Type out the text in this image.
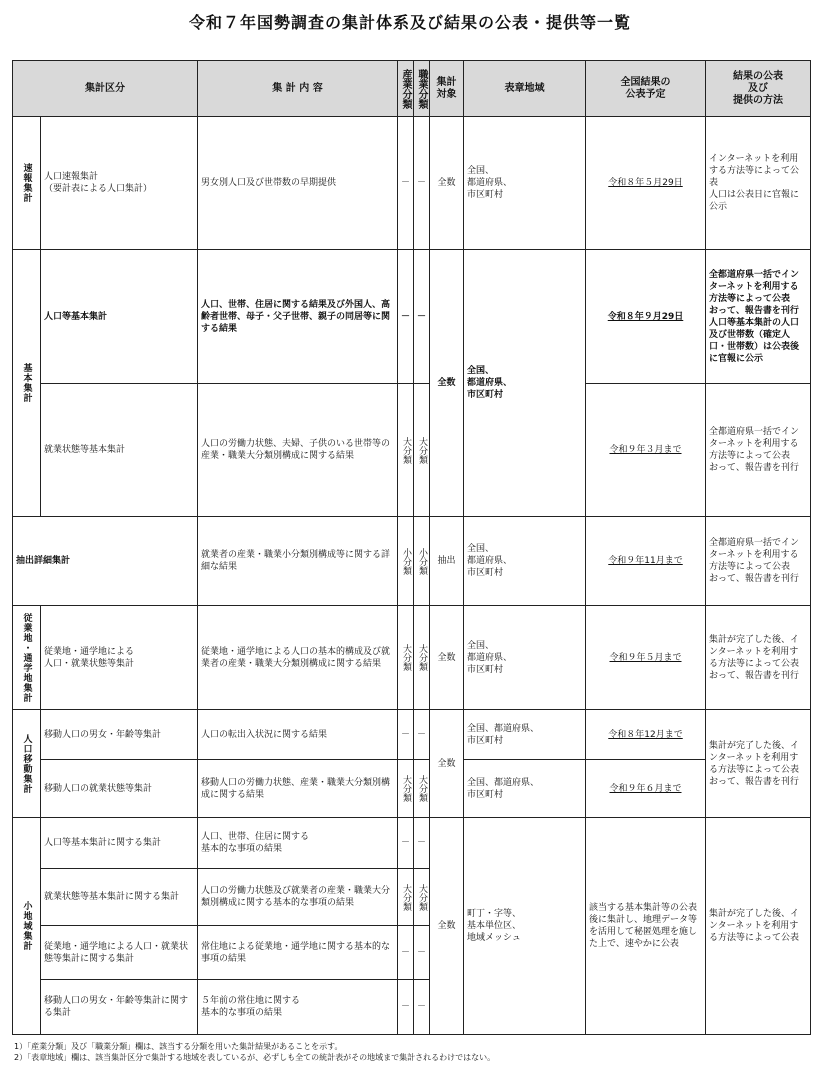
令和７年国勢調査の集計体系及び結果の公表・提供等一覧
集計区分		集 計 内 容	産業分類	職業分類	集計
対象	表章地域	全国結果の
公表予定	結果の公表
及び
提供の方法
速報集計	人口速報集計
（要計表による人口集計）	男女別人口及び世帯数の早期提供	－	－	全数	全国、
都道府県、
市区町村	令和８年５月29日	インターネットを利用する方法等によって公表
人口は公表日に官報に公示
基本集計	人口等基本集計	人口、世帯、住居に関する結果及び外国人、高齢者世帯、母子・父子世帯、親子の同居等に関する結果	－	－	全数	全国、
都道府県、
市区町村	令和８年９月29日	全都道府県一括でインターネットを利用する方法等によって公表
おって、報告書を刊行
人口等基本集計の人口及び世帯数（確定人口・世帯数）は公表後に官報に公示
	就業状態等基本集計	人口の労働力状態、夫婦、子供のいる世帯等の産業・職業大分類別構成に関する結果	大分類	大分類			令和９年３月まで	全都道府県一括でインターネットを利用する方法等によって公表
おって、報告書を刊行
抽出詳細集計		就業者の産業・職業小分類別構成等に関する詳細な結果	小分類	小分類	抽出	全国、
都道府県、
市区町村	令和９年11月まで	全都道府県一括でインターネットを利用する方法等によって公表
おって、報告書を刊行
従業地・通学地集計	従業地・通学地による
人口・就業状態等集計	従業地・通学地による人口の基本的構成及び就業者の産業・職業大分類別構成に関する結果	大分類	大分類	全数	全国、
都道府県、
市区町村	令和９年５月まで	集計が完了した後、インターネットを利用する方法等によって公表
おって、報告書を刊行
人口移動集計	移動人口の男女・年齢等集計	人口の転出入状況に関する結果	－	－	全数	全国、都道府県、
市区町村	令和８年12月まで	集計が完了した後、インターネットを利用する方法等によって公表
おって、報告書を刊行
	移動人口の就業状態等集計	移動人口の労働力状態、産業・職業大分類別構成に関する結果	大分類	大分類		全国、都道府県、
市区町村	令和９年６月まで	
小地域集計	人口等基本集計に関する集計	人口、世帯、住居に関する
基本的な事項の結果	－	－	全数	町丁・字等、
基本単位区、
地域メッシュ	該当する基本集計等の公表後に集計し、地理データ等を活用して秘匿処理を施した上で、速やかに公表	集計が完了した後、インターネットを利用する方法等によって公表
	就業状態等基本集計に関する集計	人口の労働力状態及び就業者の産業・職業大分類別構成に関する基本的な事項の結果	大分類	大分類				
	従業地・通学地による人口・就業状態等集計に関する集計	常住地による従業地・通学地に関する基本的な事項の結果	－	－				
	移動人口の男女・年齢等集計に関する集計	５年前の常住地に関する
基本的な事項の結果	－	－				
1）「産業分類」及び「職業分類」欄は、該当する分類を用いた集計結果があることを示す。
2）「表章地域」欄は、該当集計区分で集計する地域を表しているが、必ずしも全ての統計表がその地域まで集計されるわけではない。
